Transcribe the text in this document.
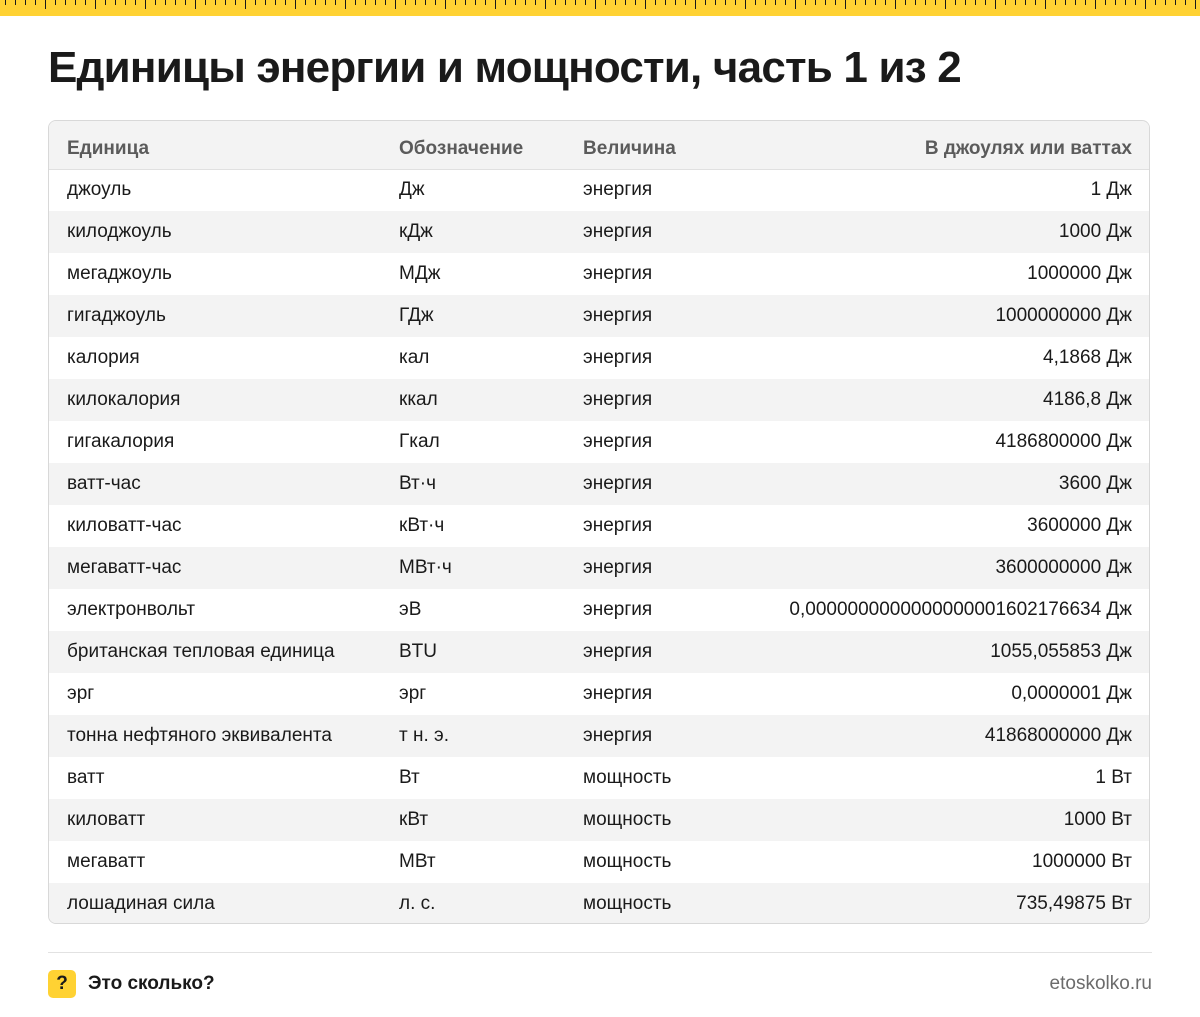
Единицы энергии и мощности, часть 1 из 2
Единица	Обозначение	Величина	В джоулях или ваттах
джоуль	Дж	энергия	1 Дж
килоджоуль	кДж	энергия	1000 Дж
мегаджоуль	МДж	энергия	1000000 Дж
гигаджоуль	ГДж	энергия	1000000000 Дж
калория	кал	энергия	4,1868 Дж
килокалория	ккал	энергия	4186,8 Дж
гигакалория	Гкал	энергия	4186800000 Дж
ватт-час	Вт·ч	энергия	3600 Дж
киловатт-час	кВт·ч	энергия	3600000 Дж
мегаватт-час	МВт·ч	энергия	3600000000 Дж
электронвольт	эВ	энергия	0,0000000000000000001602176634 Дж
британская тепловая единица	BTU	энергия	1055,055853 Дж
эрг	эрг	энергия	0,0000001 Дж
тонна нефтяного эквивалента	т н. э.	энергия	41868000000 Дж
ватт	Вт	мощность	1 Вт
киловатт	кВт	мощность	1000 Вт
мегаватт	МВт	мощность	1000000 Вт
лошадиная сила	л. с.	мощность	735,49875 Вт
?	Это сколько?	etoskolko.ru
